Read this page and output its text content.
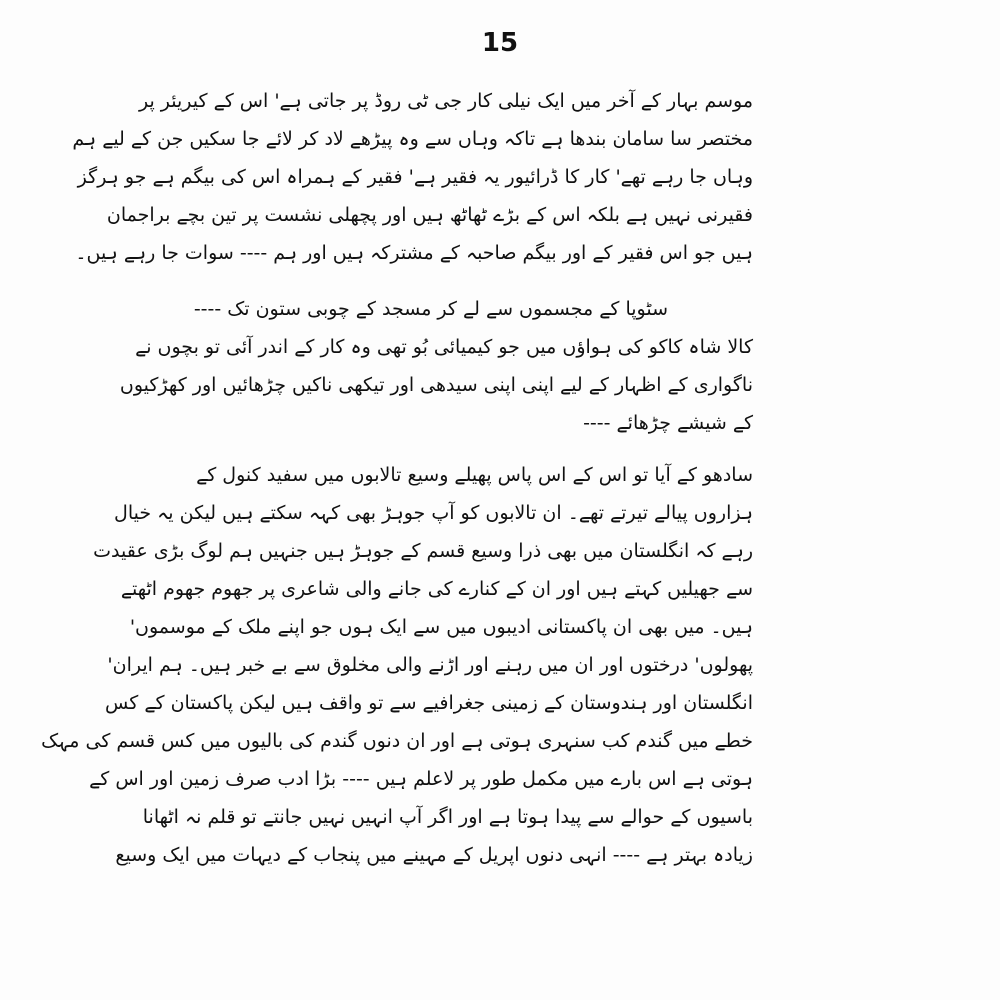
15
موسم بہار کے آخر میں ایک نیلی کار جی ٹی روڈ پر جاتی ہے' اس کے کیریئر پر
مختصر سا سامان بندھا ہے تاکہ وہاں سے وہ پیڑھے لاد کر لائے جا سکیں جن کے لیے ہم
وہاں جا رہے تھے' کار کا ڈرائیور یہ فقیر ہے' فقیر کے ہمراہ اس کی بیگم ہے جو ہرگز
فقیرنی نہیں ہے بلکہ اس کے بڑے ٹھاٹھ ہیں اور پچھلی نشست پر تین بچے براجمان
ہیں جو اس فقیر کے اور بیگم صاحبہ کے مشترکہ ہیں اور ہم ---- سوات جا رہے ہیں۔
سٹوپا کے مجسموں سے لے کر مسجد کے چوبی ستون تک ----
کالا شاہ کاکو کی ہواؤں میں جو کیمیائی بُو تھی وہ کار کے اندر آئی تو بچوں نے
ناگواری کے اظہار کے لیے اپنی اپنی سیدھی اور تیکھی ناکیں چڑھائیں اور کھڑکیوں
کے شیشے چڑھائے ----
سادھو کے آیا تو اس کے اس پاس پھیلے وسیع تالابوں میں سفید کنول کے
ہزاروں پیالے تیرتے تھے۔ ان تالابوں کو آپ جوہڑ بھی کہہ سکتے ہیں لیکن یہ خیال
رہے کہ انگلستان میں بھی ذرا وسیع قسم کے جوہڑ ہیں جنہیں ہم لوگ بڑی عقیدت
سے جھیلیں کہتے ہیں اور ان کے کنارے کی جانے والی شاعری پر جھوم جھوم اٹھتے
ہیں۔ میں بھی ان پاکستانی ادیبوں میں سے ایک ہوں جو اپنے ملک کے موسموں'
پھولوں' درختوں اور ان میں رہنے اور اڑنے والی مخلوق سے بے خبر ہیں۔ ہم ایران'
انگلستان اور ہندوستان کے زمینی جغرافیے سے تو واقف ہیں لیکن پاکستان کے کس
خطے میں گندم کب سنہری ہوتی ہے اور ان دنوں گندم کی بالیوں میں کس قسم کی مہک
ہوتی ہے اس بارے میں مکمل طور پر لاعلم ہیں ---- بڑا ادب صرف زمین اور اس کے
باسیوں کے حوالے سے پیدا ہوتا ہے اور اگر آپ انہیں نہیں جانتے تو قلم نہ اٹھانا
زیادہ بہتر ہے ---- انہی دنوں اپریل کے مہینے میں پنجاب کے دیہات میں ایک وسیع
